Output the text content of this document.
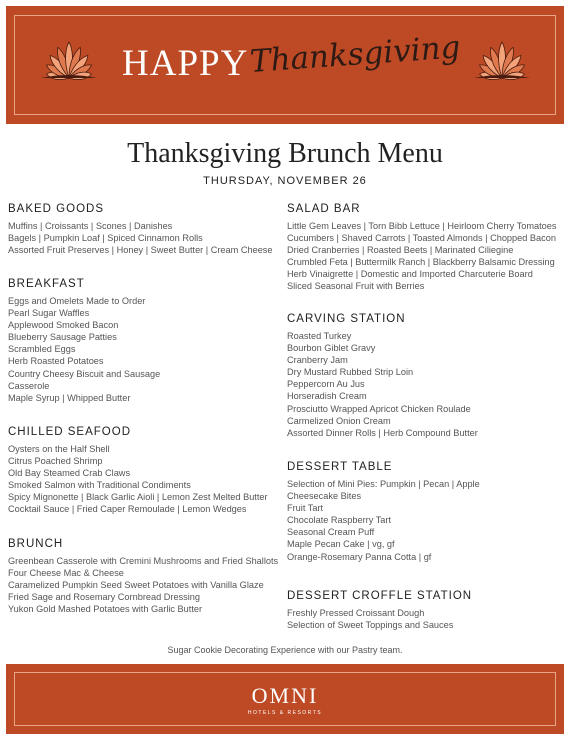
HAPPY Thanksgiving
Thanksgiving Brunch Menu
THURSDAY, NOVEMBER 26
BAKED GOODS
Muffins | Croissants | Scones | Danishes
Bagels | Pumpkin Loaf | Spiced Cinnamon Rolls
Assorted Fruit Preserves | Honey | Sweet Butter | Cream Cheese
BREAKFAST
Eggs and Omelets Made to Order
Pearl Sugar Waffles
Applewood Smoked Bacon
Blueberry Sausage Patties
Scrambled Eggs
Herb Roasted Potatoes
Country Cheesy Biscuit and Sausage
Casserole
Maple Syrup | Whipped Butter
CHILLED SEAFOOD
Oysters on the Half Shell
Citrus Poached Shrimp
Old Bay Steamed Crab Claws
Smoked Salmon with Traditional Condiments
Spicy Mignonette | Black Garlic Aioli | Lemon Zest Melted Butter
Cocktail Sauce | Fried Caper Remoulade | Lemon Wedges
BRUNCH
Greenbean Casserole with Cremini Mushrooms and Fried Shallots
Four Cheese Mac & Cheese
Caramelized Pumpkin Seed Sweet Potatoes with Vanilla Glaze
Fried Sage and Rosemary Cornbread Dressing
Yukon Gold Mashed Potatoes with Garlic Butter
SALAD BAR
Little Gem Leaves | Torn Bibb Lettuce | Heirloom Cherry Tomatoes
Cucumbers | Shaved Carrots | Toasted Almonds | Chopped Bacon
Dried Cranberries | Roasted Beets | Marinated Ciliegine
Crumbled Feta | Buttermilk Ranch | Blackberry Balsamic Dressing
Herb Vinaigrette | Domestic and Imported Charcuterie Board
Sliced Seasonal Fruit with Berries
CARVING STATION
Roasted Turkey
Bourbon Giblet Gravy
Cranberry Jam
Dry Mustard Rubbed Strip Loin
Peppercorn Au Jus
Horseradish Cream
Prosciutto Wrapped Apricot Chicken Roulade
Carmelized Onion Cream
Assorted Dinner Rolls | Herb Compound Butter
DESSERT TABLE
Selection of Mini Pies: Pumpkin | Pecan | Apple
Cheesecake Bites
Fruit Tart
Chocolate Raspberry Tart
Seasonal Cream Puff
Maple Pecan Cake | vg, gf
Orange-Rosemary Panna Cotta | gf
DESSERT CROFFLE STATION
Freshly Pressed Croissant Dough
Selection of Sweet Toppings and Sauces
Sugar Cookie Decorating Experience with our Pastry team.
OMNI
HOTELS & RESORTS
